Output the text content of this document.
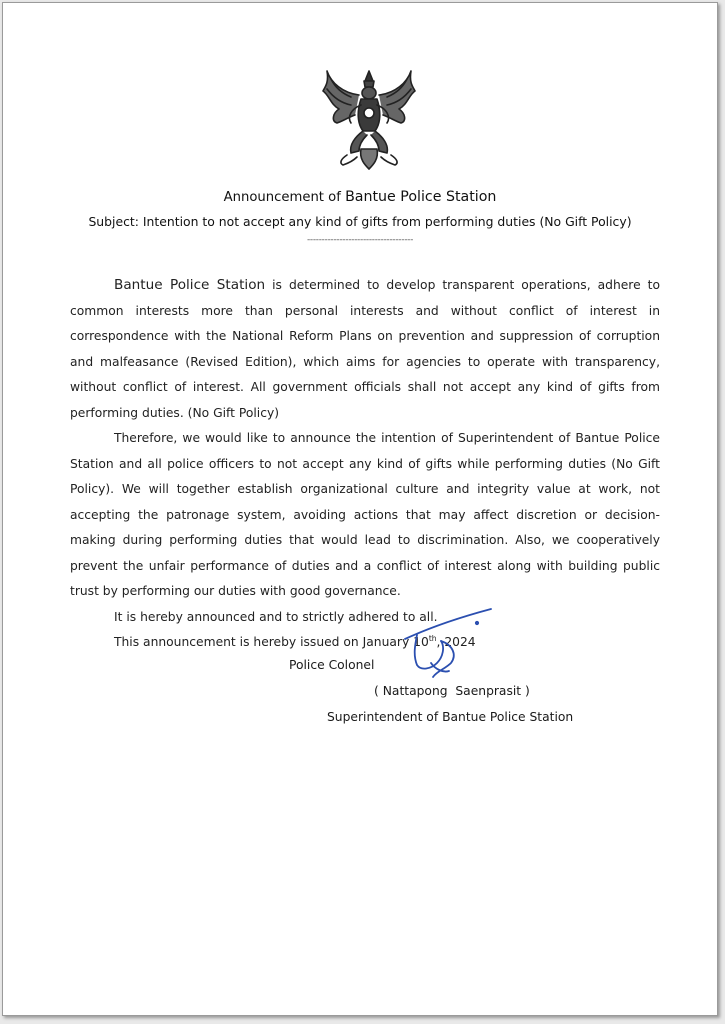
Announcement of Bantue Police Station
Subject: Intention to not accept any kind of gifts from performing duties (No Gift Policy)
------------------------------------

Bantue Police Station is determined to develop transparent operations, adhere to common interests more than personal interests and without conflict of interest in correspondence with the National Reform Plans on prevention and suppression of corruption and malfeasance (Revised Edition), which aims for agencies to operate with transparency, without conflict of interest. All government officials shall not accept any kind of gifts from performing duties. (No Gift Policy)

Therefore, we would like to announce the intention of Superintendent of Bantue Police Station and all police officers to not accept any kind of gifts while performing duties (No Gift Policy). We will together establish organizational culture and integrity value at work, not accepting the patronage system, avoiding actions that may affect discretion or decision-making during performing duties that would lead to discrimination. Also, we cooperatively prevent the unfair performance of duties and a conflict of interest along with building public trust by performing our duties with good governance.

It is hereby announced and to strictly adhered to all.

This announcement is hereby issued on January 10th, 2024

Police Colonel
( Nattapong  Saenprasit )
Superintendent of Bantue Police Station
